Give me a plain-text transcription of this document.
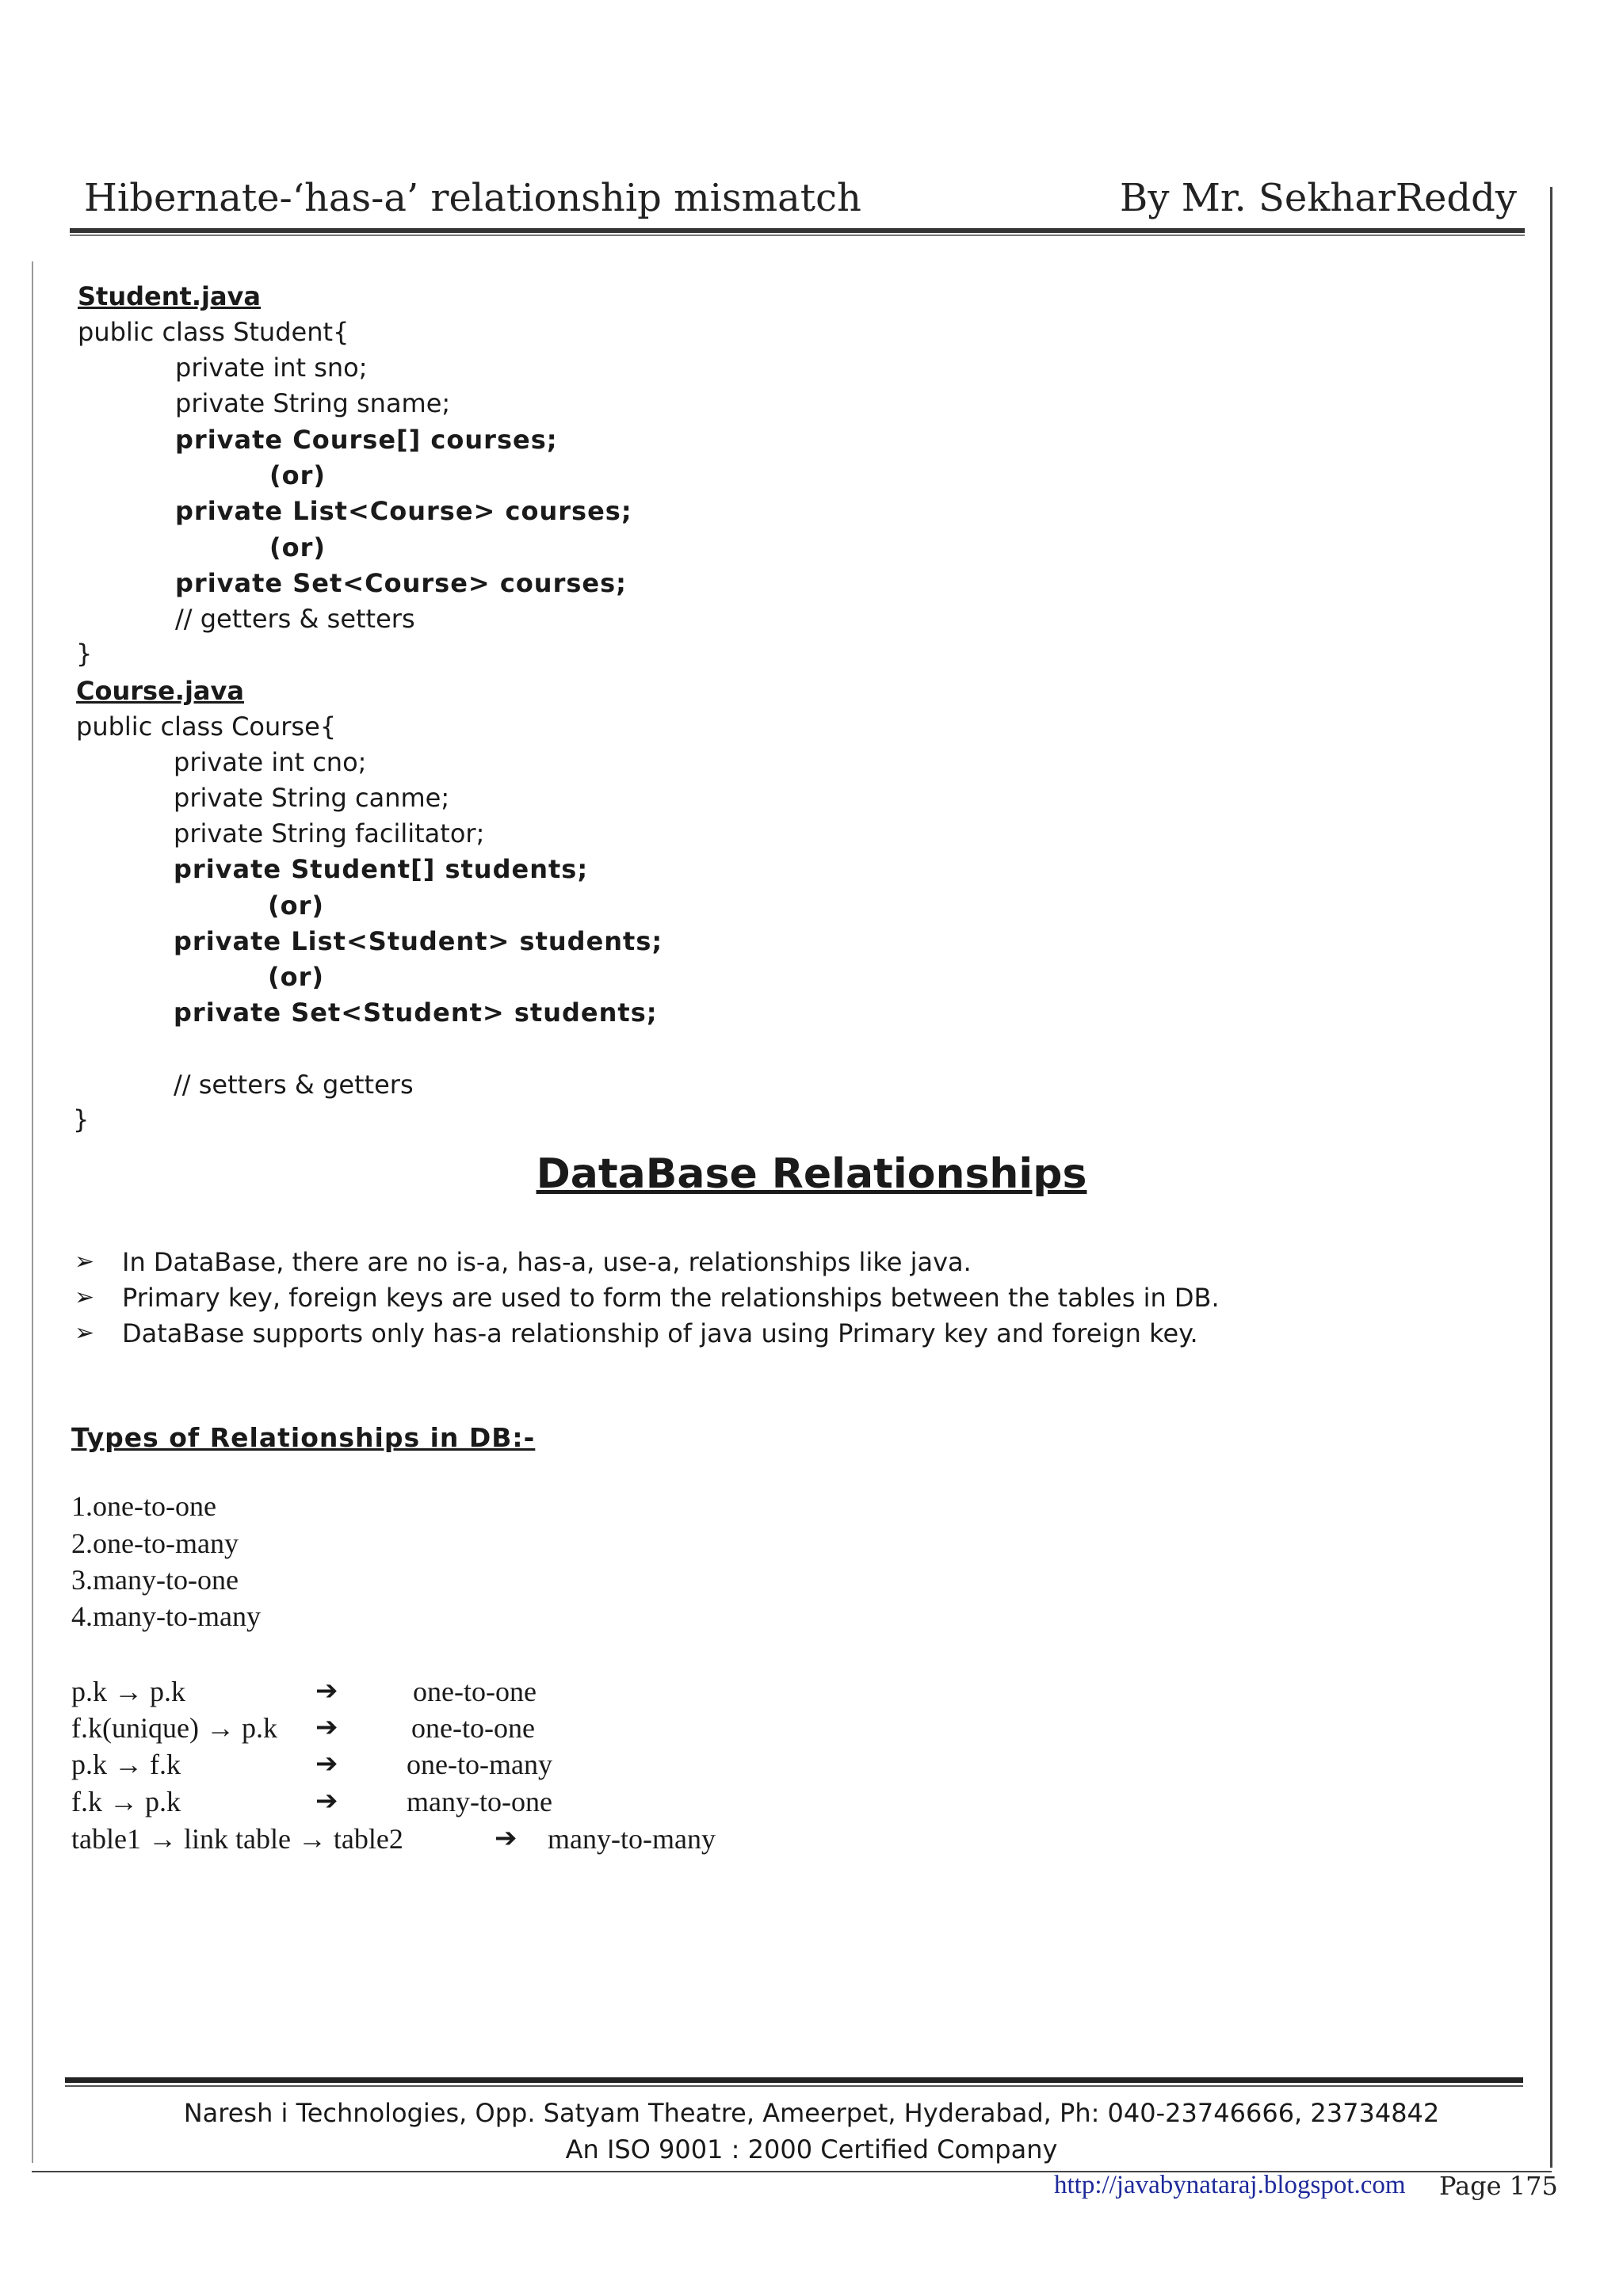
Hibernate-‘has-a’ relationship mismatch	By Mr. SekharReddy
Student.java
public class Student{
private int sno;
private String sname;
private Course[] courses;
(or)
private List<Course> courses;
(or)
private Set<Course> courses;
// getters & setters
}
Course.java
public class Course{
private int cno;
private String canme;
private String facilitator;
private Student[] students;
(or)
private List<Student> students;
(or)
private Set<Student> students;
// setters & getters
}
DataBase Relationships
➢ In DataBase, there are no is-a, has-a, use-a, relationships like java.
➢ Primary key, foreign keys are used to form the relationships between the tables in DB.
➢ DataBase supports only has-a relationship of java using Primary key and foreign key.
Types of Relationships in DB:-
1.one-to-one
2.one-to-many
3.many-to-one
4.many-to-many
p.k → p.k	➔	one-to-one
f.k(unique) → p.k ➔	one-to-one
p.k → f.k	➔ one-to-many
f.k → p.k	➔ many-to-one
table1 → link table → table2	➔ many-to-many
Naresh i Technologies, Opp. Satyam Theatre, Ameerpet, Hyderabad, Ph: 040-23746666, 23734842
An ISO 9001 : 2000 Certified Company
http://javabynataraj.blogspot.com Page 175
